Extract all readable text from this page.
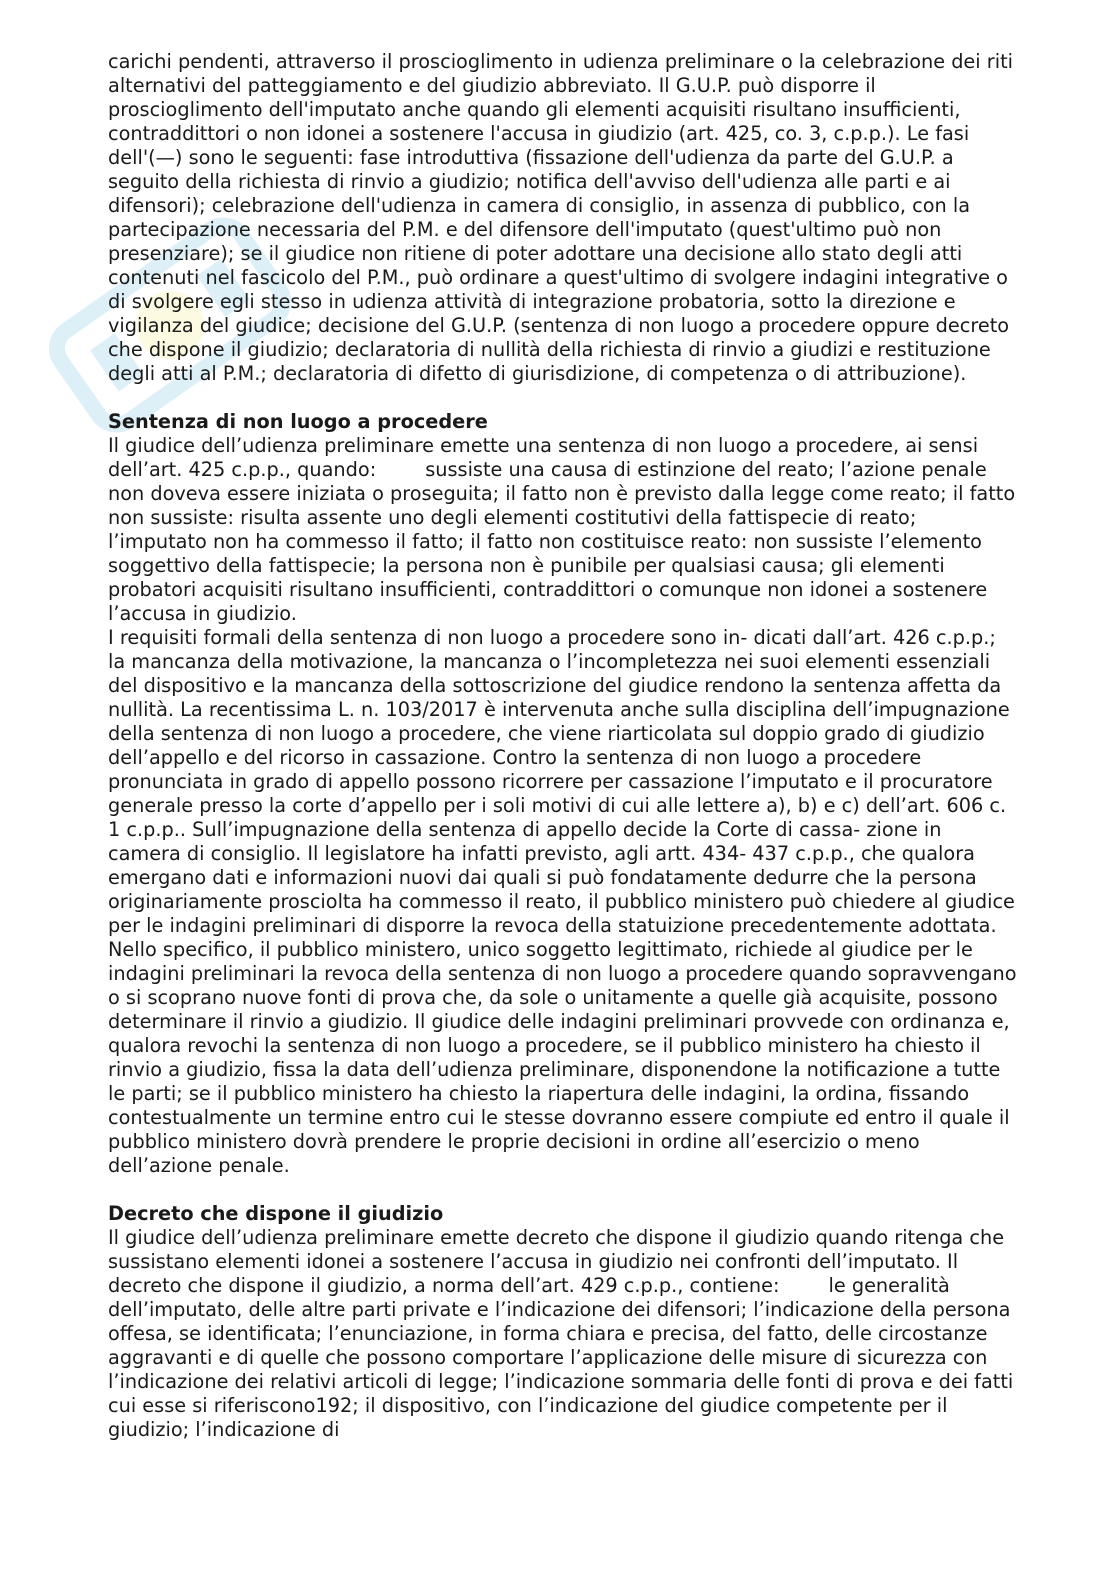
carichi pendenti, attraverso il proscioglimento in udienza preliminare o la celebrazione dei riti alternativi del patteggiamento e del giudizio abbreviato. Il G.U.P. può disporre il proscioglimento dell'imputato anche quando gli elementi acquisiti risultano insufficienti, contraddittori o non idonei a sostenere l'accusa in giudizio (art. 425, co. 3, c.p.p.). Le fasi dell'(—) sono le seguenti: fase introduttiva (fissazione dell'udienza da parte del G.U.P. a seguito della richiesta di rinvio a giudizio; notifica dell'avviso dell'udienza alle parti e ai difensori); celebrazione dell'udienza in camera di consiglio, in assenza di pubblico, con la partecipazione necessaria del P.M. e del difensore dell'imputato (quest'ultimo può non presenziare); se il giudice non ritiene di poter adottare una decisione allo stato degli atti contenuti nel fascicolo del P.M., può ordinare a quest'ultimo di svolgere indagini integrative o di svolgere egli stesso in udienza attività di integrazione probatoria, sotto la direzione e vigilanza del giudice; decisione del G.U.P. (sentenza di non luogo a procedere oppure decreto che dispone il giudizio; declaratoria di nullità della richiesta di rinvio a giudizi e restituzione degli atti al P.M.; declaratoria di difetto di giurisdizione, di competenza o di attribuzione).

Sentenza di non luogo a procedere

Il giudice dell’udienza preliminare emette una sentenza di non luogo a procedere, ai sensi dell’art. 425 c.p.p., quando:        sussiste una causa di estinzione del reato; l’azione penale non doveva essere iniziata o proseguita; il fatto non è previsto dalla legge come reato; il fatto non sussiste: risulta assente uno degli elementi costitutivi della fattispecie di reato; l’imputato non ha commesso il fatto; il fatto non costituisce reato: non sussiste l’elemento soggettivo della fattispecie; la persona non è punibile per qualsiasi causa; gli elementi probatori acquisiti risultano insufficienti, contraddittori o comunque non idonei a sostenere l’accusa in giudizio.

I requisiti formali della sentenza di non luogo a procedere sono in- dicati dall’art. 426 c.p.p.; la mancanza della motivazione, la mancanza o l’incompletezza nei suoi elementi essenziali del dispositivo e la mancanza della sottoscrizione del giudice rendono la sentenza affetta da nullità. La recentissima L. n. 103/2017 è intervenuta anche sulla disciplina dell’impugnazione della sentenza di non luogo a procedere, che viene riarticolata sul doppio grado di giudizio dell’appello e del ricorso in cassazione. Contro la sentenza di non luogo a procedere pronunciata in grado di appello possono ricorrere per cassazione l’imputato e il procuratore generale presso la corte d’appello per i soli motivi di cui alle lettere a), b) e c) dell’art. 606 c. 1 c.p.p.. Sull’impugnazione della sentenza di appello decide la Corte di cassa- zione in camera di consiglio. Il legislatore ha infatti previsto, agli artt. 434- 437 c.p.p., che qualora emergano dati e informazioni nuovi dai quali si può fondatamente dedurre che la persona originariamente prosciolta ha commesso il reato, il pubblico ministero può chiedere al giudice per le indagini preliminari di disporre la revoca della statuizione precedentemente adottata. Nello specifico, il pubblico ministero, unico soggetto legittimato, richiede al giudice per le indagini preliminari la revoca della sentenza di non luogo a procedere quando sopravvengano o si scoprano nuove fonti di prova che, da sole o unitamente a quelle già acquisite, possono determinare il rinvio a giudizio. Il giudice delle indagini preliminari provvede con ordinanza e, qualora revochi la sentenza di non luogo a procedere, se il pubblico ministero ha chiesto il rinvio a giudizio, fissa la data dell’udienza preliminare, disponendone la notificazione a tutte le parti; se il pubblico ministero ha chiesto la riapertura delle indagini, la ordina, fissando contestualmente un termine entro cui le stesse dovranno essere compiute ed entro il quale il pubblico ministero dovrà prendere le proprie decisioni in ordine all’esercizio o meno dell’azione penale.

Decreto che dispone il giudizio

Il giudice dell’udienza preliminare emette decreto che dispone il giudizio quando ritenga che sussistano elementi idonei a sostenere l’accusa in giudizio nei confronti dell’imputato. Il decreto che dispone il giudizio, a norma dell’art. 429 c.p.p., contiene:        le generalità dell’imputato, delle altre parti private e l’indicazione dei difensori; l’indicazione della persona offesa, se identificata; l’enunciazione, in forma chiara e precisa, del fatto, delle circostanze aggravanti e di quelle che possono comportare l’applicazione delle misure di sicurezza con l’indicazione dei relativi articoli di legge; l’indicazione sommaria delle fonti di prova e dei fatti cui esse si riferiscono192; il dispositivo, con l’indicazione del giudice competente per il giudizio; l’indicazione di
